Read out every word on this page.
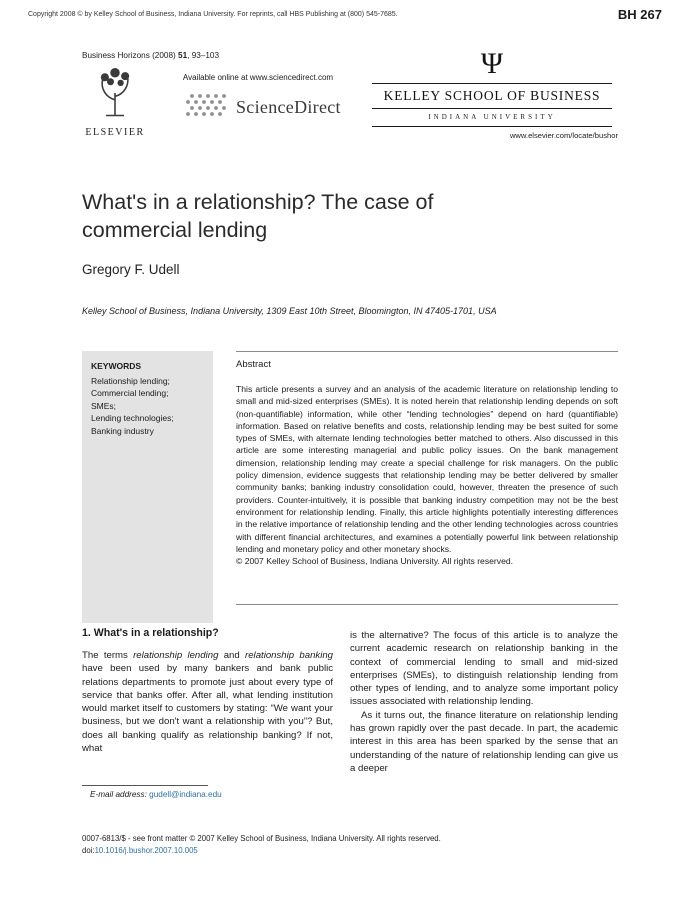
Copyright 2008 © by Kelley School of Business, Indiana University. For reprints, call HBS Publishing at (800) 545-7685.	BH 267
Business Horizons (2008) 51, 93–103
ELSEVIER
Available online at www.sciencedirect.com
ScienceDirect
Ψ
KELLEY SCHOOL OF BUSINESS
INDIANA UNIVERSITY
www.elsevier.com/locate/bushor
What's in a relationship? The case of commercial lending
Gregory F. Udell
Kelley School of Business, Indiana University, 1309 East 10th Street, Bloomington, IN 47405-1701, USA
KEYWORDS
Relationship lending;
Commercial lending;
SMEs;
Lending technologies;
Banking industry
Abstract

This article presents a survey and an analysis of the academic literature on relationship lending to small and mid-sized enterprises (SMEs). It is noted herein that relationship lending depends on soft (non-quantifiable) information, while other “lending technologies” depend on hard (quantifiable) information. Based on relative benefits and costs, relationship lending may be best suited for some types of SMEs, with alternate lending technologies better matched to others. Also discussed in this article are some interesting managerial and public policy issues. On the bank management dimension, relationship lending may create a special challenge for risk managers. On the public policy dimension, evidence suggests that relationship lending may be better delivered by smaller community banks; banking industry consolidation could, however, threaten the presence of such providers. Counter-intuitively, it is possible that banking industry competition may not be the best environment for relationship lending. Finally, this article highlights potentially interesting differences in the relative importance of relationship lending and the other lending technologies across countries with different financial architectures, and examines a potentially powerful link between relationship lending and monetary policy and other monetary shocks.

© 2007 Kelley School of Business, Indiana University. All rights reserved.

1. What's in a relationship?

The terms relationship lending and relationship banking have been used by many bankers and bank public relations departments to promote just about every type of service that banks offer. After all, what lending institution would market itself to customers by stating: “We want your business, but we don't want a relationship with you”? But, does all banking qualify as relationship banking? If not, what

is the alternative? The focus of this article is to analyze the current academic research on relationship banking in the context of commercial lending to small and mid-sized enterprises (SMEs), to distinguish relationship lending from other types of lending, and to analyze some important policy issues associated with relationship lending.

As it turns out, the finance literature on relationship lending has grown rapidly over the past decade. In part, the academic interest in this area has been sparked by the sense that an understanding of the nature of relationship lending can give us a deeper

E-mail address: gudell@indiana.edu
0007-6813/$ - see front matter © 2007 Kelley School of Business, Indiana University. All rights reserved.
doi:10.1016/j.bushor.2007.10.005
